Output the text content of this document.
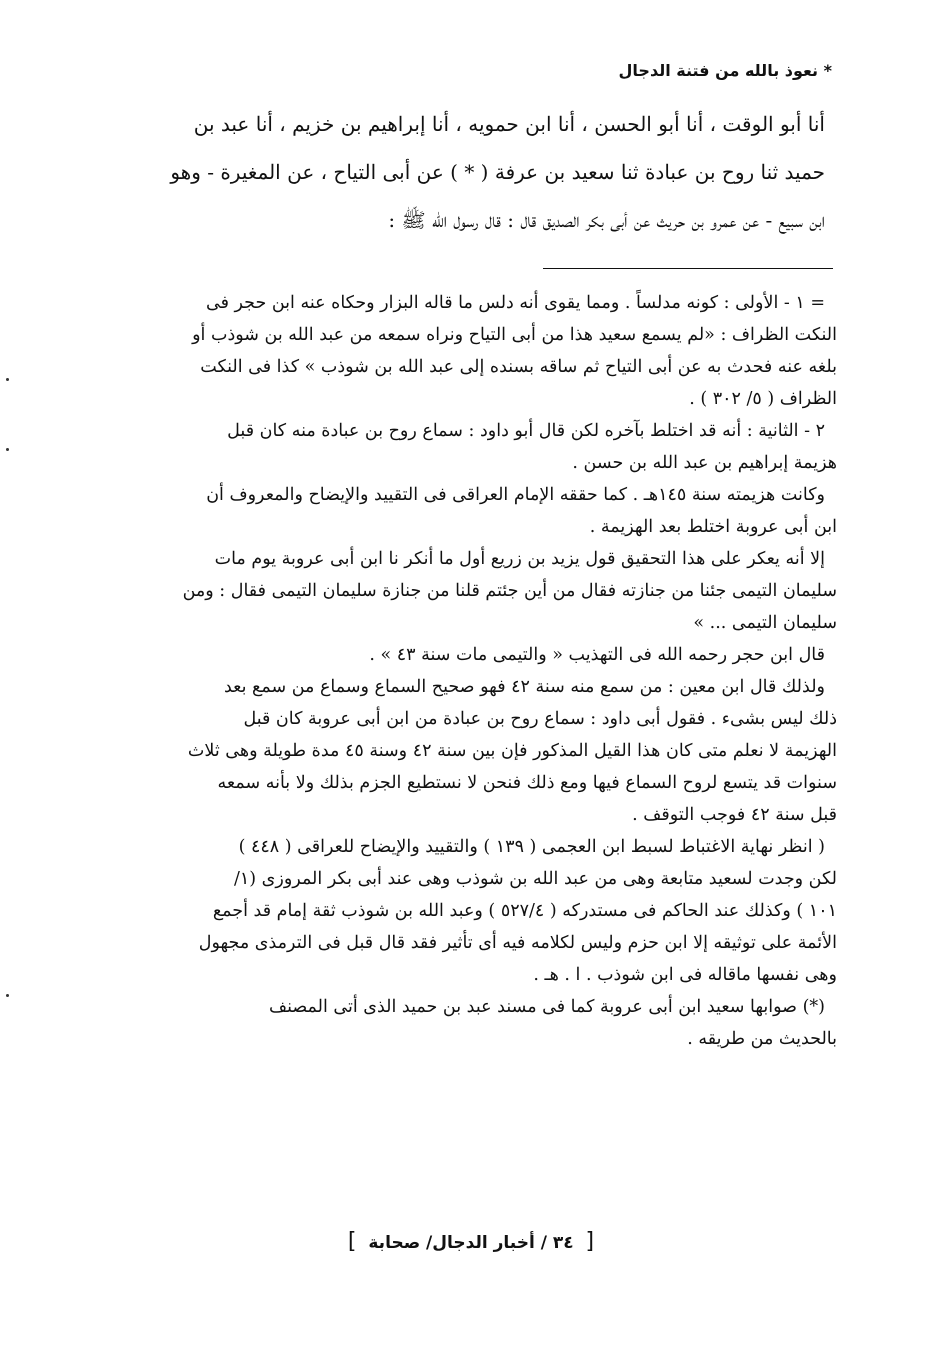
* نعوذ بالله من فتنة الدجال
أنا أبو الوقت ، أنا أبو الحسن ، أنا ابن حمويه ، أنا إبراهيم بن خزيم ، أنا عبد بن
حميد ثنا روح بن عبادة ثنا سعيد بن عرفة ( * ) عن أبى التياح ، عن المغيرة - وهو
ابن سبيع - عن عمرو بن حريث عن أبى بكر الصديق قال : قال رسول الله ﷺ :
= ١ - الأولى : كونه مدلساً . ومما يقوى أنه دلس ما قاله البزار وحكاه عنه ابن حجر فى
النكت الظراف : «لم يسمع سعيد هذا من أبى التياح ونراه سمعه من عبد الله بن شوذب أو
بلغه عنه فحدث به عن أبى التياح ثم ساقه بسنده إلى عبد الله بن شوذب » كذا فى النكت
الظراف ( ٥/ ٣٠٢ ) .
٢ - الثانية : أنه قد اختلط بآخره لكن قال أبو داود : سماع روح بن عبادة منه كان قبل
هزيمة إبراهيم بن عبد الله بن حسن .
وكانت هزيمته سنة ١٤٥هـ . كما حققه الإمام العراقى فى التقييد والإيضاح والمعروف أن
ابن أبى عروبة اختلط بعد الهزيمة .
إلا أنه يعكر على هذا التحقيق قول يزيد بن زريع أول ما أنكر نا ابن أبى عروبة يوم مات
سليمان التيمى جئنا من جنازته فقال من أين جئتم قلنا من جنازة سليمان التيمى فقال : ومن
سليمان التيمى ... »
قال ابن حجر رحمه الله فى التهذيب « والتيمى مات سنة ٤٣ » .
ولذلك قال ابن معين : من سمع منه سنة ٤٢ فهو صحيح السماع وسماع من سمع بعد
ذلك ليس بشىء . فقول أبى داود : سماع روح بن عبادة من ابن أبى عروبة كان قبل
الهزيمة لا نعلم متى كان هذا القيل المذكور فإن بين سنة ٤٢ وسنة ٤٥ مدة طويلة وهى ثلاث
سنوات قد يتسع لروح السماع فيها ومع ذلك فنحن لا نستطيع الجزم بذلك ولا بأنه سمعه
قبل سنة ٤٢ فوجب التوقف .
( انظر نهاية الاغتباط لسبط ابن العجمى ( ١٣٩ ) والتقييد والإيضاح للعراقى ( ٤٤٨ )
لكن وجدت لسعيد متابعة وهى من عبد الله بن شوذب وهى عند أبى بكر المروزى (١/
١٠١ ) وكذلك عند الحاكم فى مستدركه ( ٥٢٧/٤ ) وعبد الله بن شوذب ثقة إمام قد أجمع
الأئمة على توثيقه إلا ابن حزم وليس لكلامه فيه أى تأثير فقد قال قبل فى الترمذى مجهول
وهى نفسها ماقاله فى ابن شوذب . ا . هـ .
(*) صوابها سعيد ابن أبى عروبة كما فى مسند عبد بن حميد الذى أتى المصنف
بالحديث من طريقه .
[ ٣٤ / أخبار الدجال/ صحابة ]
